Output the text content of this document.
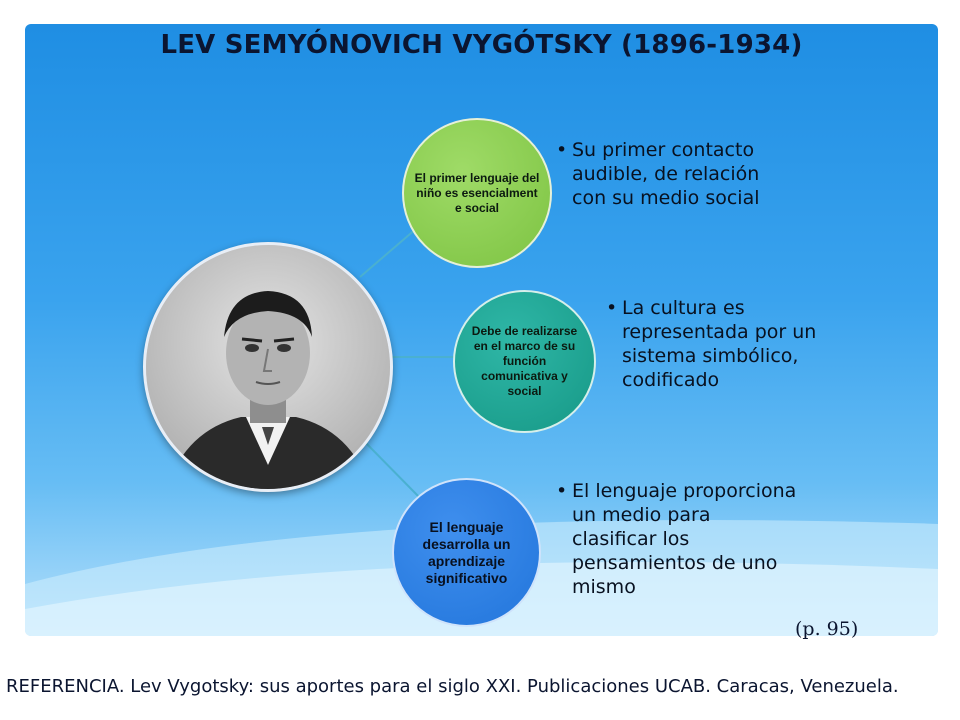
LEV SEMYÓNOVICH VYGÓTSKY (1896-1934)
El primer lenguaje del niño es esencialment e social
Debe de realizarse en el marco de su función comunicativa y social
El lenguaje desarrolla un aprendizaje significativo
• Su primer contacto audible, de relación con su medio social
• La cultura es representada por un sistema simbólico, codificado
• El lenguaje proporciona un medio para clasificar los pensamientos de uno mismo
(p. 95)
REFERENCIA. Lev Vygotsky: sus aportes para el siglo XXI. Publicaciones UCAB. Caracas, Venezuela.
